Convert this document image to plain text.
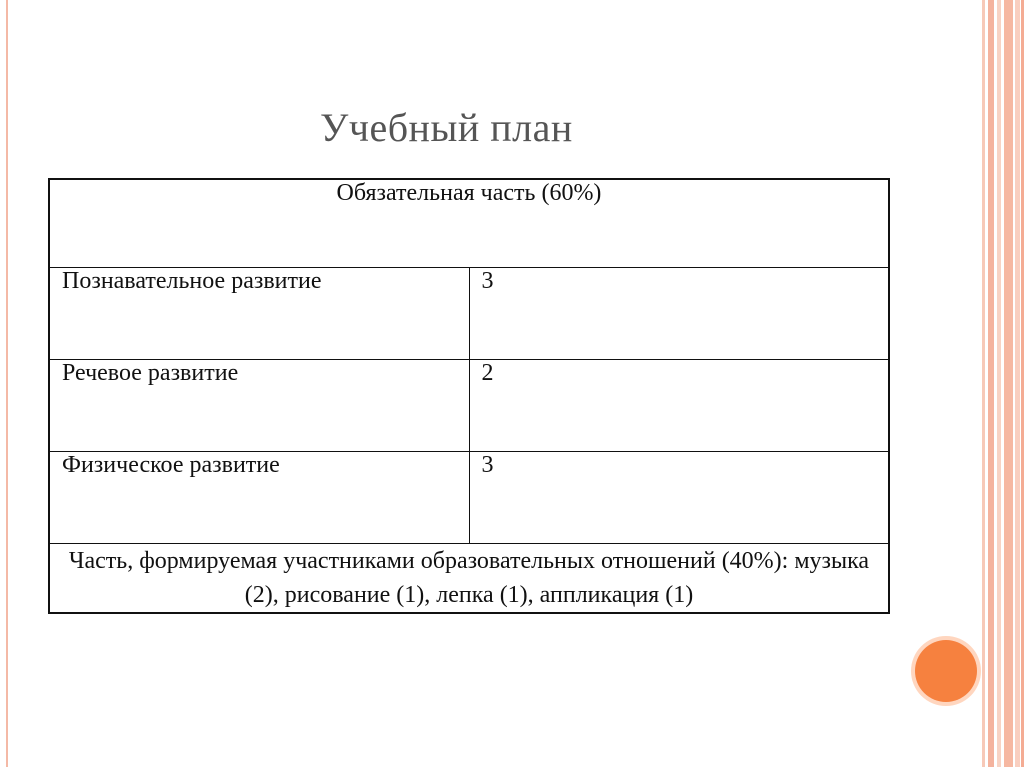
Учебный план
Обязательная часть (60%)	
Познавательное развитие	3
Речевое развитие	2
Физическое развитие	3
Часть, формируемая участниками образовательных отношений (40%): музыка (2), рисование (1), лепка (1), аппликация (1)	
